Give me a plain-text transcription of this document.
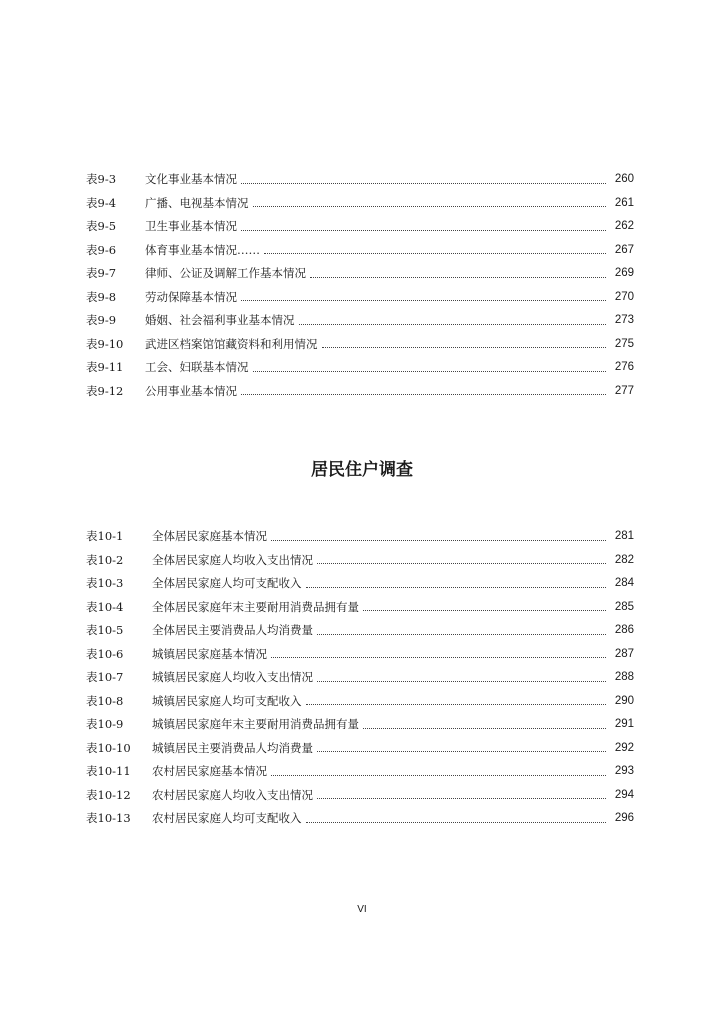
表9-3	文化事业基本情况	260
表9-4	广播、电视基本情况	261
表9-5	卫生事业基本情况	262
表9-6	体育事业基本情况……	267
表9-7	律师、公证及调解工作基本情况	269
表9-8	劳动保障基本情况	270
表9-9	婚姻、社会福利事业基本情况	273
表9-10	武进区档案馆馆藏资料和利用情况	275
表9-11	工会、妇联基本情况	276
表9-12	公用事业基本情况	277
居民住户调查
表10-1	全体居民家庭基本情况	281
表10-2	全体居民家庭人均收入支出情况	282
表10-3	全体居民家庭人均可支配收入	284
表10-4	全体居民家庭年末主要耐用消费品拥有量	285
表10-5	全体居民主要消费品人均消费量	286
表10-6	城镇居民家庭基本情况	287
表10-7	城镇居民家庭人均收入支出情况	288
表10-8	城镇居民家庭人均可支配收入	290
表10-9	城镇居民家庭年末主要耐用消费品拥有量	291
表10-10	城镇居民主要消费品人均消费量	292
表10-11	农村居民家庭基本情况	293
表10-12	农村居民家庭人均收入支出情况	294
表10-13	农村居民家庭人均可支配收入	296
VI
